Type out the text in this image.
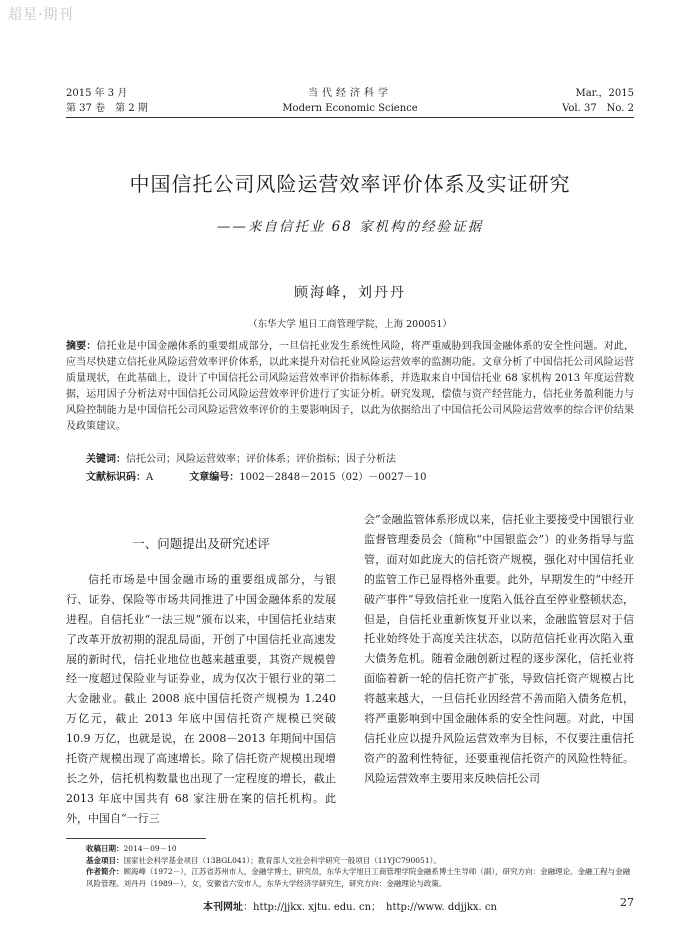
超星·期刊
2015 年 3 月
第 37 卷　第 2 期
当代经济科学
Modern Economic Science
Mar.，2015
Vol. 37　No. 2
中国信托公司风险运营效率评价体系及实证研究
——来自信托业 68 家机构的经验证据
顾海峰，刘丹丹
（东华大学 旭日工商管理学院，上海 200051）
摘要：信托业是中国金融体系的重要组成部分，一旦信托业发生系统性风险，将严重威胁到我国金融体系的安全性问题。对此，应当尽快建立信托业风险运营效率评价体系，以此来提升对信托业风险运营效率的监测功能。文章分析了中国信托公司风险运营质量现状，在此基础上，设计了中国信托公司风险运营效率评价指标体系，并选取来自中国信托业 68 家机构 2013 年度运营数据，运用因子分析法对中国信托公司风险运营效率评价进行了实证分析。研究发现，偿债与资产经营能力，信托业务盈利能力与风险控制能力是中国信托公司风险运营效率评价的主要影响因子，以此为依据给出了中国信托公司风险运营效率的综合评价结果及政策建议。
关键词：信托公司；风险运营效率；评价体系；评价指标；因子分析法
文献标识码：A	文章编号：1002－2848－2015（02）－0027－10
一、问题提出及研究述评

信托市场是中国金融市场的重要组成部分，与银行、证券、保险等市场共同推进了中国金融体系的发展进程。自信托业“一法三规”颁布以来，中国信托业结束了改革开放初期的混乱局面，开创了中国信托业高速发展的新时代，信托业地位也越来越重要，其资产规模曾经一度超过保险业与证券业，成为仅次于银行业的第二大金融业。截止 2008 底中国信托资产规模为 1.240 万亿元，截止 2013 年底中国信托资产规模已突破 10.9 万亿，也就是说，在 2008－2013 年期间中国信托资产规模出现了高速增长。除了信托资产规模出现增长之外，信托机构数量也出现了一定程度的增长，截止 2013 年底中国共有 68 家注册在案的信托机构。此外，中国自“一行三

会”金融监管体系形成以来，信托业主要接受中国银行业监督管理委员会（简称“中国银监会”）的业务指导与监管，面对如此庞大的信托资产规模，强化对中国信托业的监管工作已显得格外重要。此外，早期发生的“中经开破产事件”导致信托业一度陷入低谷直至停业整顿状态，但是，自信托业重新恢复开业以来，金融监管层对于信托业始终处于高度关注状态，以防范信托业再次陷入重大债务危机。随着金融创新过程的逐步深化，信托业将面临着新一轮的信托资产扩张，导致信托资产规模占比将越来越大，一旦信托业因经营不善而陷入债务危机，将严重影响到中国金融体系的安全性问题。对此，中国信托业应以提升风险运营效率为目标，不仅要注重信托资产的盈利性特征，还要重视信托资产的风险性特征。风险运营效率主要用来反映信托公司

收稿日期：2014－09－10
基金项目：国家社会科学基金项目（13BGL041）；教育部人文社会科学研究一般项目（11YJC790051）。
作者简介：顾海峰（1972－），江苏省苏州市人，金融学博士，研究员，东华大学旭日工商管理学院金融系博士生导师（副），研究方向：金融理论、金融工程与金融风险管理。刘丹丹（1989－），女，安徽省六安市人，东华大学经济学研究生，研究方向：金融理论与政策。
本刊网址：http://jjkx. xjtu. edu. cn；　http://www. ddjjkx. cn	27
